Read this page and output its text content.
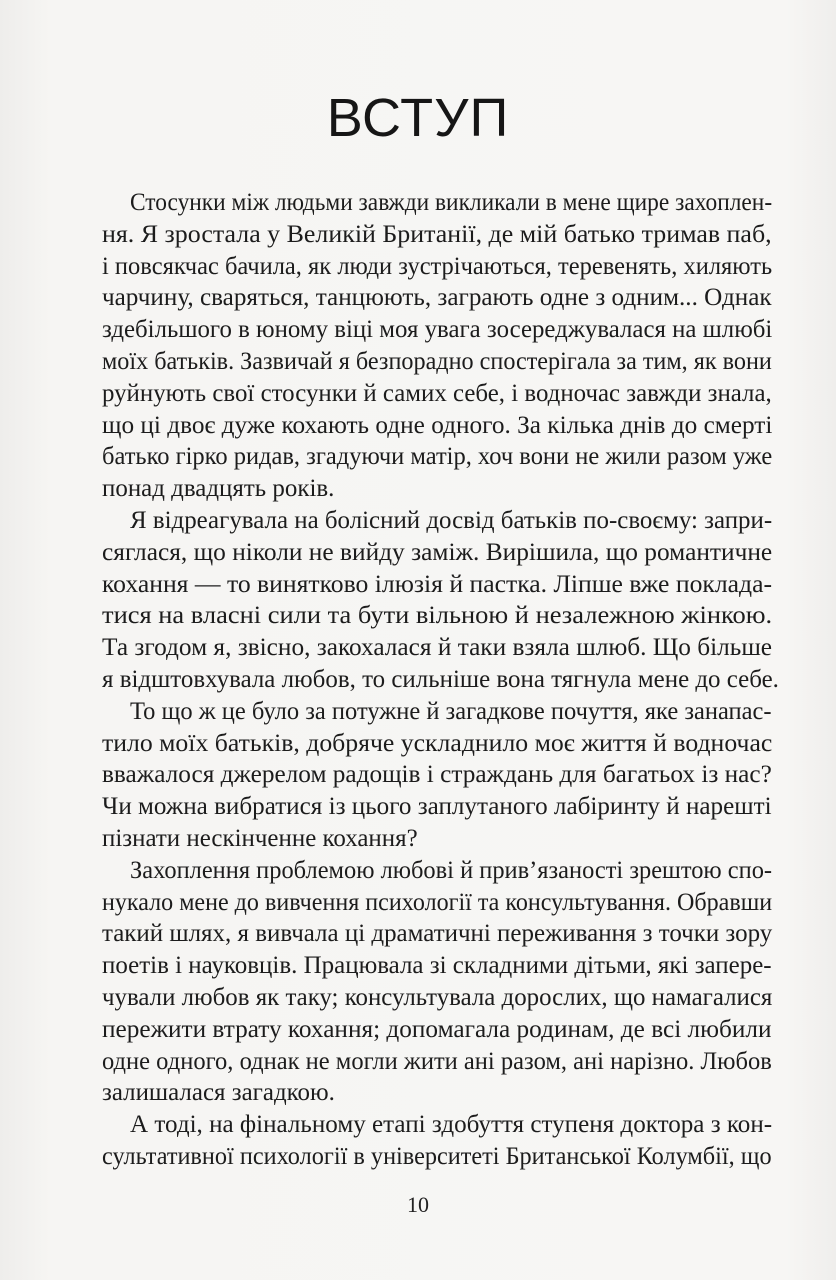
ВСТУП
Стосунки між людьми завжди викликали в мене щире захоплен-
ня. Я зростала у Великій Британії, де мій батько тримав паб,
і повсякчас бачила, як люди зустрічаються, теревенять, хиляють
чарчину, сваряться, танцюють, заграють одне з одним... Однак
здебільшого в юному віці моя увага зосереджувалася на шлюбі
моїх батьків. Зазвичай я безпорадно спостерігала за тим, як вони
руйнують свої стосунки й самих себе, і водночас завжди знала,
що ці двоє дуже кохають одне одного. За кілька днів до смерті
батько гірко ридав, згадуючи матір, хоч вони не жили разом уже
понад двадцять років.
Я відреагувала на болісний досвід батьків по-своєму: запри-
сяглася, що ніколи не вийду заміж. Вирішила, що романтичне
кохання — то винятково ілюзія й пастка. Ліпше вже поклада-
тися на власні сили та бути вільною й незалежною жінкою.
Та згодом я, звісно, закохалася й таки взяла шлюб. Що більше
я відштовхувала любов, то сильніше вона тягнула мене до себе.
То що ж це було за потужне й загадкове почуття, яке занапас-
тило моїх батьків, добряче ускладнило моє життя й водночас
вважалося джерелом радощів і страждань для багатьох із нас?
Чи можна вибратися із цього заплутаного лабіринту й нарешті
пізнати нескінченне кохання?
Захоплення проблемою любові й прив’язаності зрештою спо-
нукало мене до вивчення психології та консультування. Обравши
такий шлях, я вивчала ці драматичні переживання з точки зору
поетів і науковців. Працювала зі складними дітьми, які запере-
чували любов як таку; консультувала дорослих, що намагалися
пережити втрату кохання; допомагала родинам, де всі любили
одне одного, однак не могли жити ані разом, ані нарізно. Любов
залишалася загадкою.
А тоді, на фінальному етапі здобуття ступеня доктора з кон-
сультативної психології в університеті Британської Колумбії, що
10
